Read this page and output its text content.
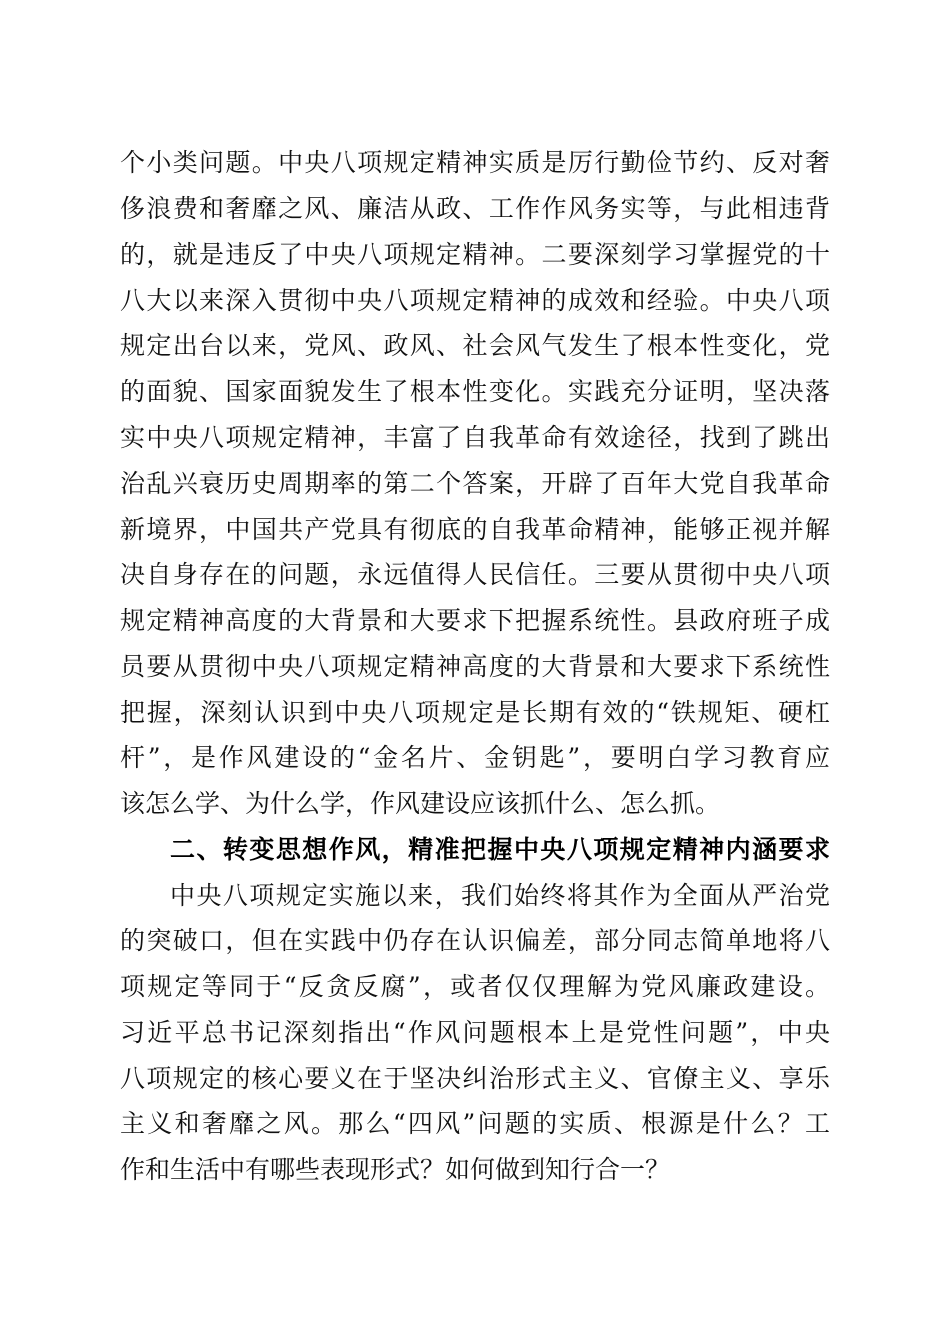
个小类问题。中央八项规定精神实质是厉行勤俭节约、反对奢
侈浪费和奢靡之风、廉洁从政、工作作风务实等，与此相违背
的，就是违反了中央八项规定精神。二要深刻学习掌握党的十
八大以来深入贯彻中央八项规定精神的成效和经验。中央八项
规定出台以来，党风、政风、社会风气发生了根本性变化，党
的面貌、国家面貌发生了根本性变化。实践充分证明，坚决落
实中央八项规定精神，丰富了自我革命有效途径，找到了跳出
治乱兴衰历史周期率的第二个答案，开辟了百年大党自我革命
新境界，中国共产党具有彻底的自我革命精神，能够正视并解
决自身存在的问题，永远值得人民信任。三要从贯彻中央八项
规定精神高度的大背景和大要求下把握系统性。县政府班子成
员要从贯彻中央八项规定精神高度的大背景和大要求下系统性
把握，深刻认识到中央八项规定是长期有效的“铁规矩、硬杠
杆”，是作风建设的“金名片、金钥匙”，要明白学习教育应
该怎么学、为什么学，作风建设应该抓什么、怎么抓。
二、转变思想作风，精准把握中央八项规定精神内涵要求
中央八项规定实施以来，我们始终将其作为全面从严治党
的突破口，但在实践中仍存在认识偏差，部分同志简单地将八
项规定等同于“反贪反腐”，或者仅仅理解为党风廉政建设。
习近平总书记深刻指出“作风问题根本上是党性问题”，中央
八项规定的核心要义在于坚决纠治形式主义、官僚主义、享乐
主义和奢靡之风。那么“四风”问题的实质、根源是什么？工
作和生活中有哪些表现形式？如何做到知行合一？
